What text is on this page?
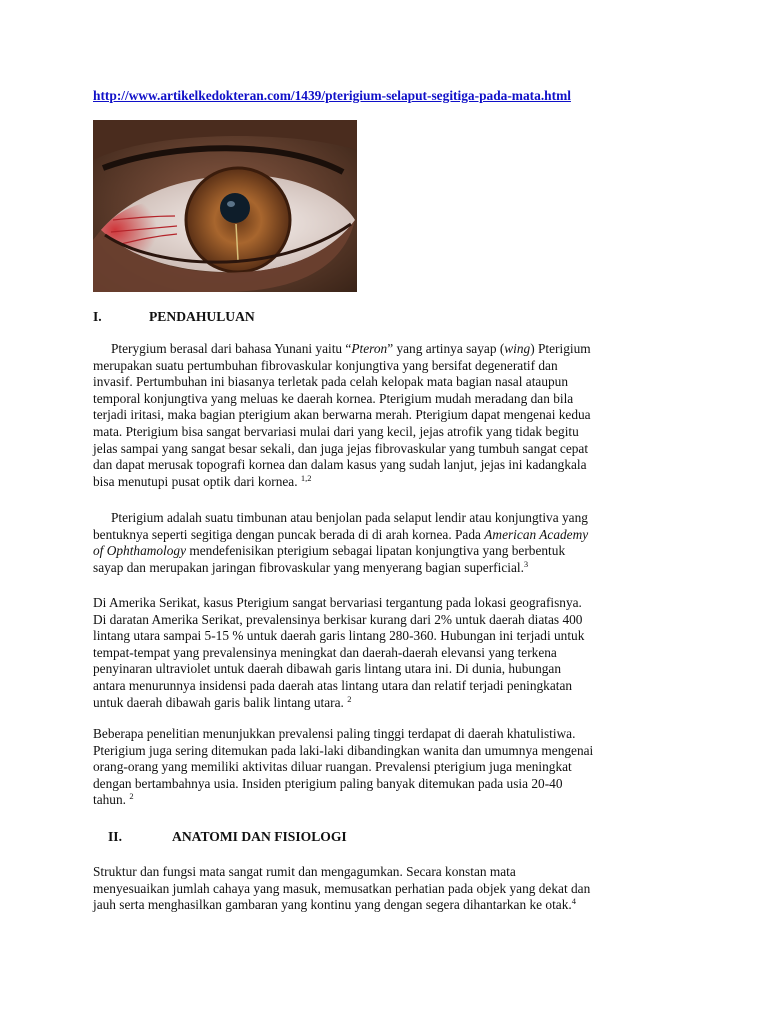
http://www.artikelkedokteran.com/1439/pterigium-selaput-segitiga-pada-mata.html
I.	PENDAHULUAN

Pterygium berasal dari bahasa Yunani yaitu “Pteron” yang artinya sayap (wing) Pterigium
merupakan suatu pertumbuhan fibrovaskular konjungtiva yang bersifat degeneratif dan
invasif. Pertumbuhan ini biasanya terletak pada celah kelopak mata bagian nasal ataupun
temporal konjungtiva yang meluas ke daerah kornea. Pterigium mudah meradang dan bila
terjadi iritasi, maka bagian pterigium akan berwarna merah. Pterigium dapat mengenai kedua
mata. Pterigium bisa sangat bervariasi mulai dari yang kecil, jejas atrofik yang tidak begitu
jelas sampai yang sangat besar sekali, dan juga jejas fibrovaskular yang tumbuh sangat cepat
dan dapat merusak topografi kornea dan dalam kasus yang sudah lanjut, jejas ini kadangkala
bisa menutupi pusat optik dari kornea. $^{1,2}$

Pterigium adalah suatu timbunan atau benjolan pada selaput lendir atau konjungtiva yang
bentuknya seperti segitiga dengan puncak berada di di arah kornea. Pada American Academy
of Ophthamology mendefenisikan pterigium sebagai lipatan konjungtiva yang berbentuk
sayap dan merupakan jaringan fibrovaskular yang menyerang bagian superficial.$^3$

Di Amerika Serikat, kasus Pterigium sangat bervariasi tergantung pada lokasi geografisnya.
Di daratan Amerika Serikat, prevalensinya berkisar kurang dari 2% untuk daerah diatas 400
lintang utara sampai 5-15 % untuk daerah garis lintang 280-360. Hubungan ini terjadi untuk
tempat-tempat yang prevalensinya meningkat dan daerah-daerah elevansi yang terkena
penyinaran ultraviolet untuk daerah dibawah garis lintang utara ini. Di dunia, hubungan
antara menurunnya insidensi pada daerah atas lintang utara dan relatif terjadi peningkatan
untuk daerah dibawah garis balik lintang utara. $^2$

Beberapa penelitian menunjukkan prevalensi paling tinggi terdapat di daerah khatulistiwa.
Pterigium juga sering ditemukan pada laki-laki dibandingkan wanita dan umumnya mengenai
orang-orang yang memiliki aktivitas diluar ruangan. Prevalensi pterigium juga meningkat
dengan bertambahnya usia. Insiden pterigium paling banyak ditemukan pada usia 20-40
tahun. $^2$

II.	ANATOMI DAN FISIOLOGI

Struktur dan fungsi mata sangat rumit dan mengagumkan. Secara konstan mata
menyesuaikan jumlah cahaya yang masuk, memusatkan perhatian pada objek yang dekat dan
jauh serta menghasilkan gambaran yang kontinu yang dengan segera dihantarkan ke otak.$^4$
